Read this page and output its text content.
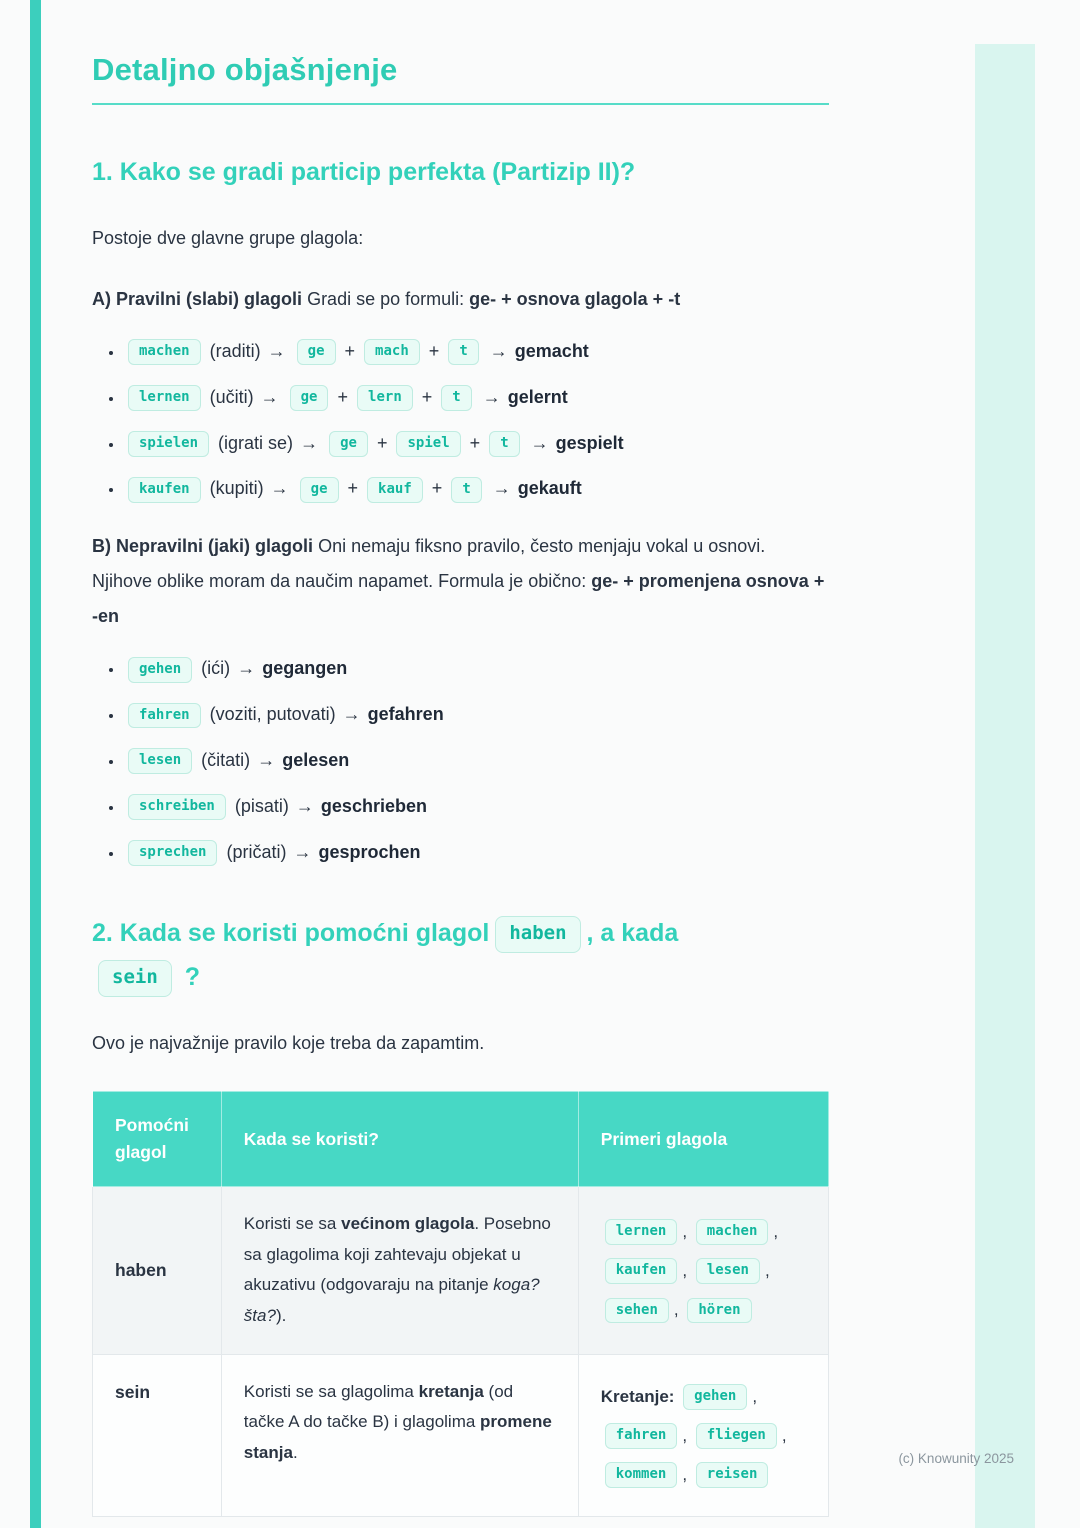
Detaljno objašnjenje
1. Kako se gradi particip perfekta (Partizip II)?

Postoje dve glavne grupe glagola:

A) Pravilni (slabi) glagoli Gradi se po formuli: ge- + osnova glagola + -t

• machen (raditi) → ge + mach + t → gemacht
• lernen (učiti) → ge + lern + t → gelernt
• spielen (igrati se) → ge + spiel + t → gespielt
• kaufen (kupiti) → ge + kauf + t → gekauft

B) Nepravilni (jaki) glagoli Oni nemaju fiksno pravilo, često menjaju vokal u osnovi. Njihove oblike moram da naučim napamet. Formula je obično: ge- + promenjena osnova + -en

• gehen (ići) → gegangen
• fahren (voziti, putovati) → gefahren
• lesen (čitati) → gelesen
• schreiben (pisati) → geschrieben
• sprechen (pričati) → gesprochen
2. Kada se koristi pomoćni glagol haben , a kada
sein ?

Ovo je najvažnije pravilo koje treba da zapamtim.

Pomoćni glagol	Kada se koristi?	Primeri glagola
haben	Koristi se sa većinom glagola. Posebno sa glagolima koji zahtevaju objekat u akuzativu (odgovaraju na pitanje koga? šta?).	lernen , machen , kaufen , lesen , sehen , hören
sein	Koristi se sa glagolima kretanja (od tačke A do tačke B) i glagolima promene stanja.	Kretanje: gehen , fahren , fliegen , kommen , reisen
(c) Knowunity 2025
